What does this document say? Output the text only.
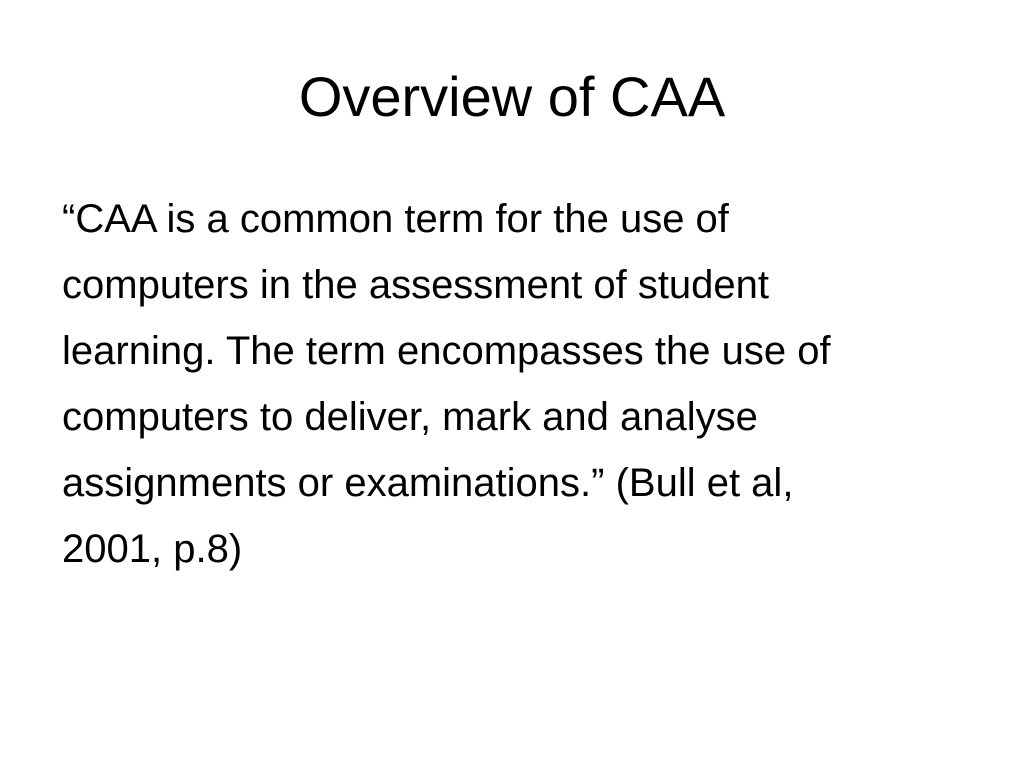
Overview of CAA
“CAA is a common term for the use of
computers in the assessment of student
learning. The term encompasses the use of
computers to deliver, mark and analyse
assignments or examinations.” (Bull et al,
2001, p.8)
